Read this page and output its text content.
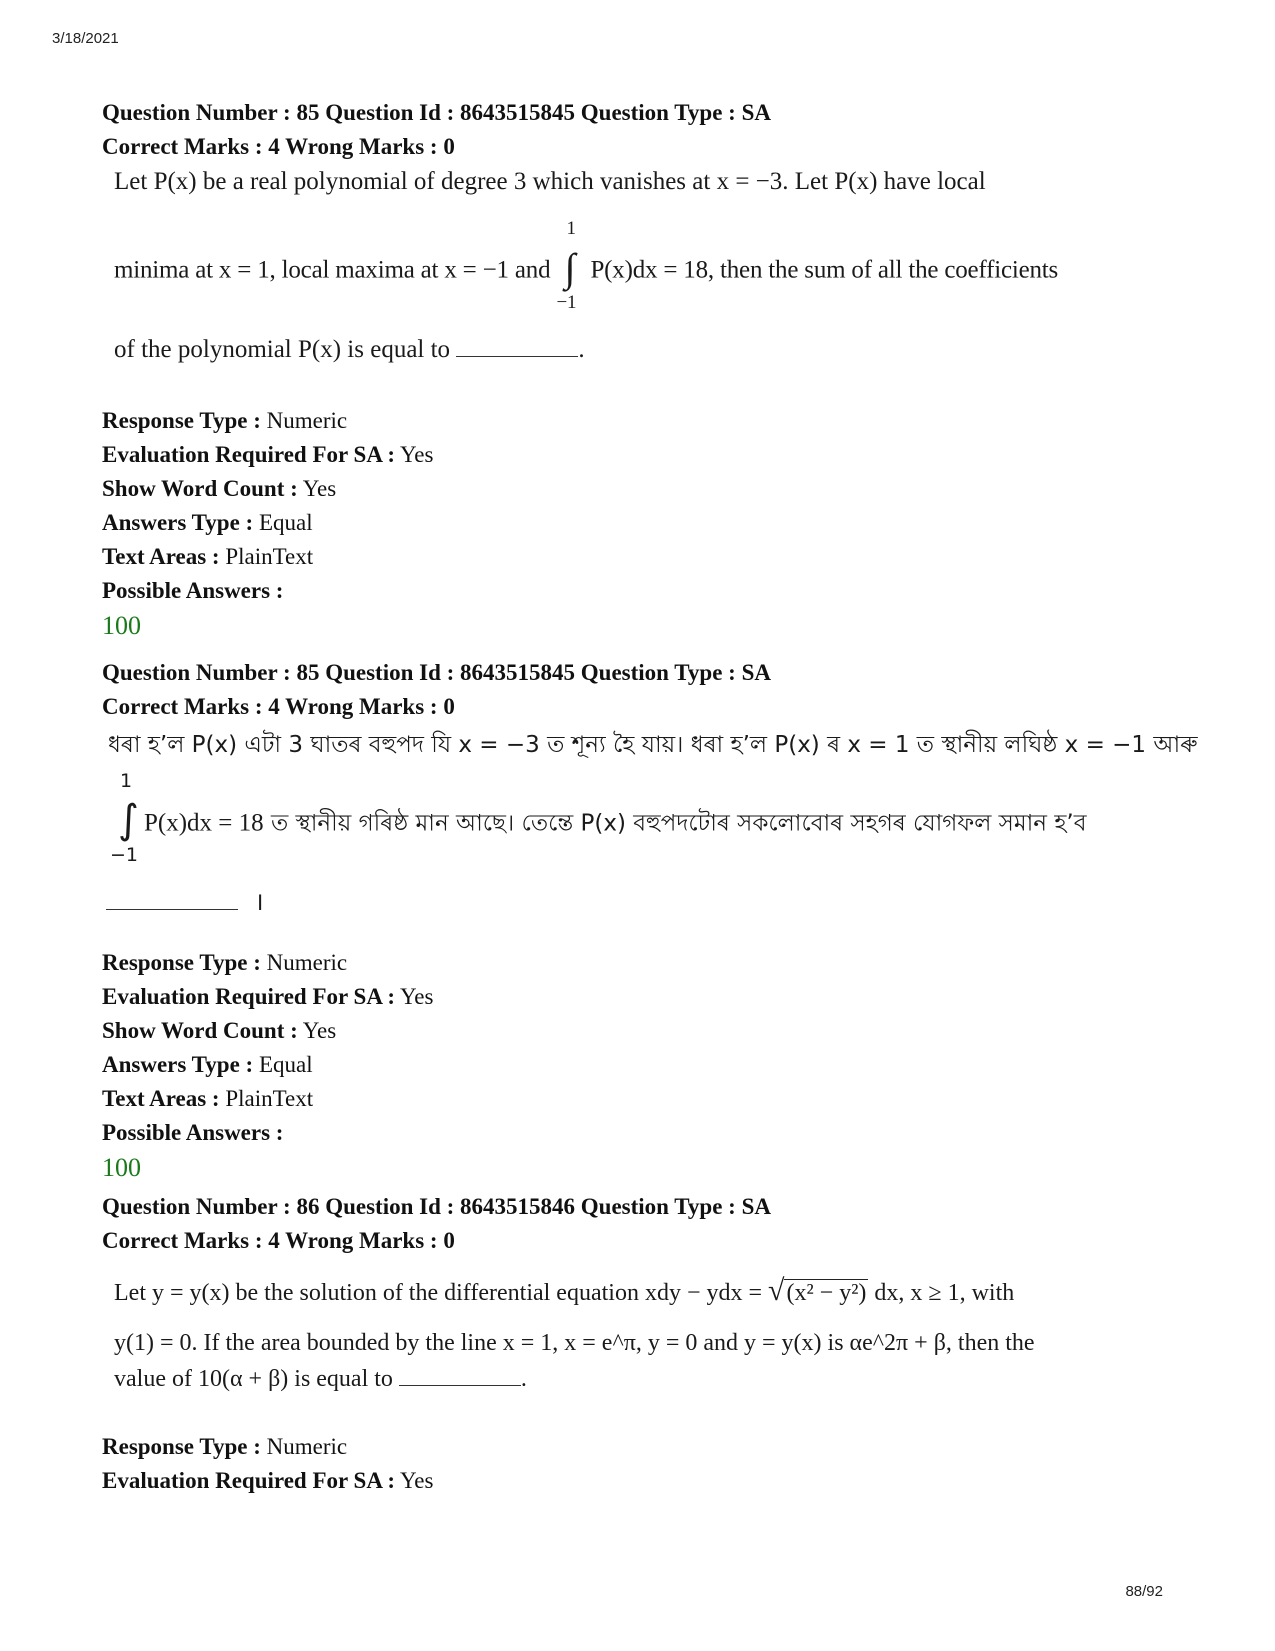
3/18/2021
Question Number : 85 Question Id : 8643515845 Question Type : SA
Correct Marks : 4 Wrong Marks : 0
Let P(x) be a real polynomial of degree 3 which vanishes at x = −3. Let P(x) have local
minima at x = 1, local maxima at x = −1 and
1
∫
−1
P(x)dx = 18, then the sum of all the coefficients
of the polynomial P(x) is equal to	.
Response Type : Numeric
Evaluation Required For SA : Yes
Show Word Count : Yes
Answers Type : Equal
Text Areas : PlainText
Possible Answers :
100
Question Number : 85 Question Id : 8643515845 Question Type : SA
Correct Marks : 4 Wrong Marks : 0
ধৰা হ’ল P(x) এটা 3 ঘাতৰ বহুপদ যি x = −3 ত শূন্য হৈ যায়। ধৰা হ’ল P(x) ৰ x = 1 ত স্থানীয় লঘিষ্ঠ x = −1 আৰু
1
∫
−1
P(x)dx = 18 ত স্থানীয় গৰিষ্ঠ মান আছে। তেন্তে P(x) বহুপদটোৰ সকলোবোৰ সহগৰ যোগফল সমান হ’ব
।
Response Type : Numeric
Evaluation Required For SA : Yes
Show Word Count : Yes
Answers Type : Equal
Text Areas : PlainText
Possible Answers :
100
Question Number : 86 Question Id : 8643515846 Question Type : SA
Correct Marks : 4 Wrong Marks : 0
Let y = y(x) be the solution of the differential equation xdy − ydx = √(x² − y²) dx, x ≥ 1, with
y(1) = 0. If the area bounded by the line x = 1, x = e^π, y = 0 and y = y(x) is αe^2π + β, then the
value of 10(α + β) is equal to	.
Response Type : Numeric
Evaluation Required For SA : Yes
88/92
